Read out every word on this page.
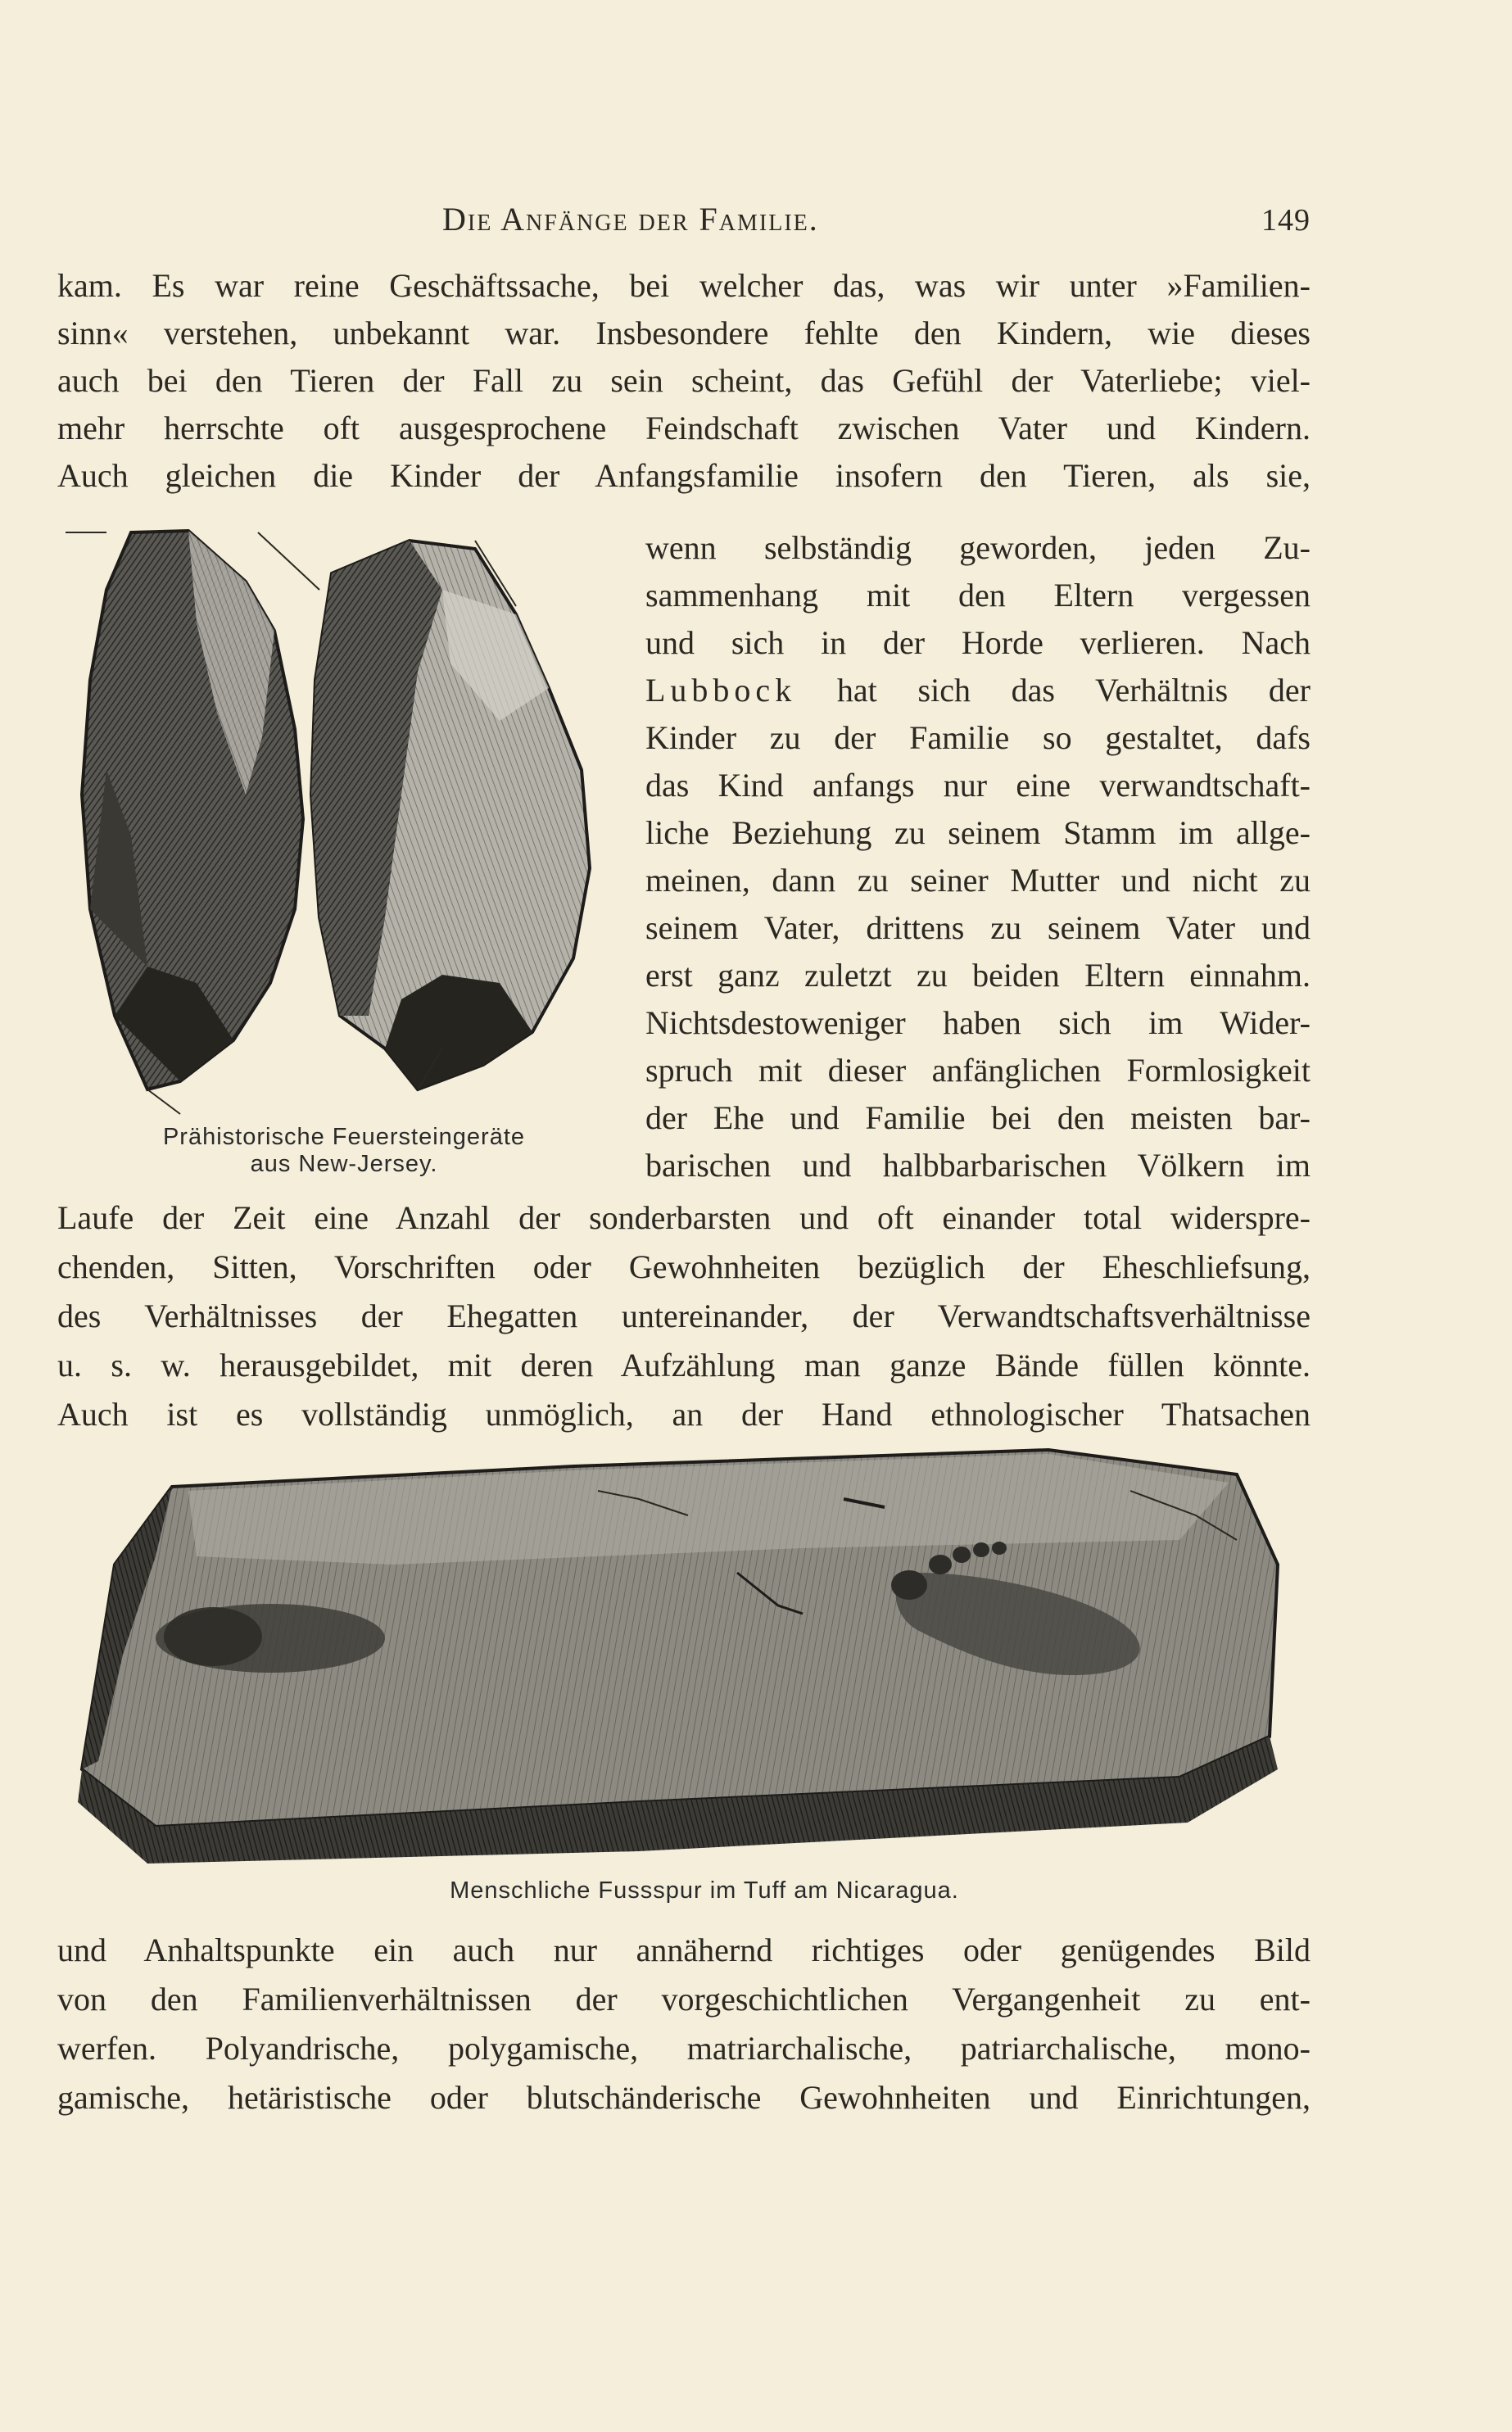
Die Anfänge der Familie.	149
kam. Es war reine Geschäftssache, bei welcher das, was wir unter »Familien-
sinn« verstehen, unbekannt war. Insbesondere fehlte den Kindern, wie dieses
auch bei den Tieren der Fall zu sein scheint, das Gefühl der Vaterliebe; viel-
mehr herrschte oft ausgesprochene Feindschaft zwischen Vater und Kindern.
Auch gleichen die Kinder der Anfangsfamilie insofern den Tieren, als sie,
Prähistorische Feuersteingeräte
aus New-Jersey.
wenn selbständig geworden, jeden Zu-
sammenhang mit den Eltern vergessen
und sich in der Horde verlieren. Nach
Lubbock hat sich das Verhältnis der
Kinder zu der Familie so gestaltet, dafs
das Kind anfangs nur eine verwandtschaft-
liche Beziehung zu seinem Stamm im allge-
meinen, dann zu seiner Mutter und nicht zu
seinem Vater, drittens zu seinem Vater und
erst ganz zuletzt zu beiden Eltern einnahm.
Nichtsdestoweniger haben sich im Wider-
spruch mit dieser anfänglichen Formlosigkeit
der Ehe und Familie bei den meisten bar-
barischen und halbbarbarischen Völkern im
Laufe der Zeit eine Anzahl der sonderbarsten und oft einander total widerspre-
chenden, Sitten, Vorschriften oder Gewohnheiten bezüglich der Eheschliefsung,
des Verhältnisses der Ehegatten untereinander, der Verwandtschaftsverhältnisse
u. s. w. herausgebildet, mit deren Aufzählung man ganze Bände füllen könnte.
Auch ist es vollständig unmöglich, an der Hand ethnologischer Thatsachen
Menschliche Fussspur im Tuff am Nicaragua.
und Anhaltspunkte ein auch nur annähernd richtiges oder genügendes Bild
von den Familienverhältnissen der vorgeschichtlichen Vergangenheit zu ent-
werfen. Polyandrische, polygamische, matriarchalische, patriarchalische, mono-
gamische, hetäristische oder blutschänderische Gewohnheiten und Einrichtungen,
